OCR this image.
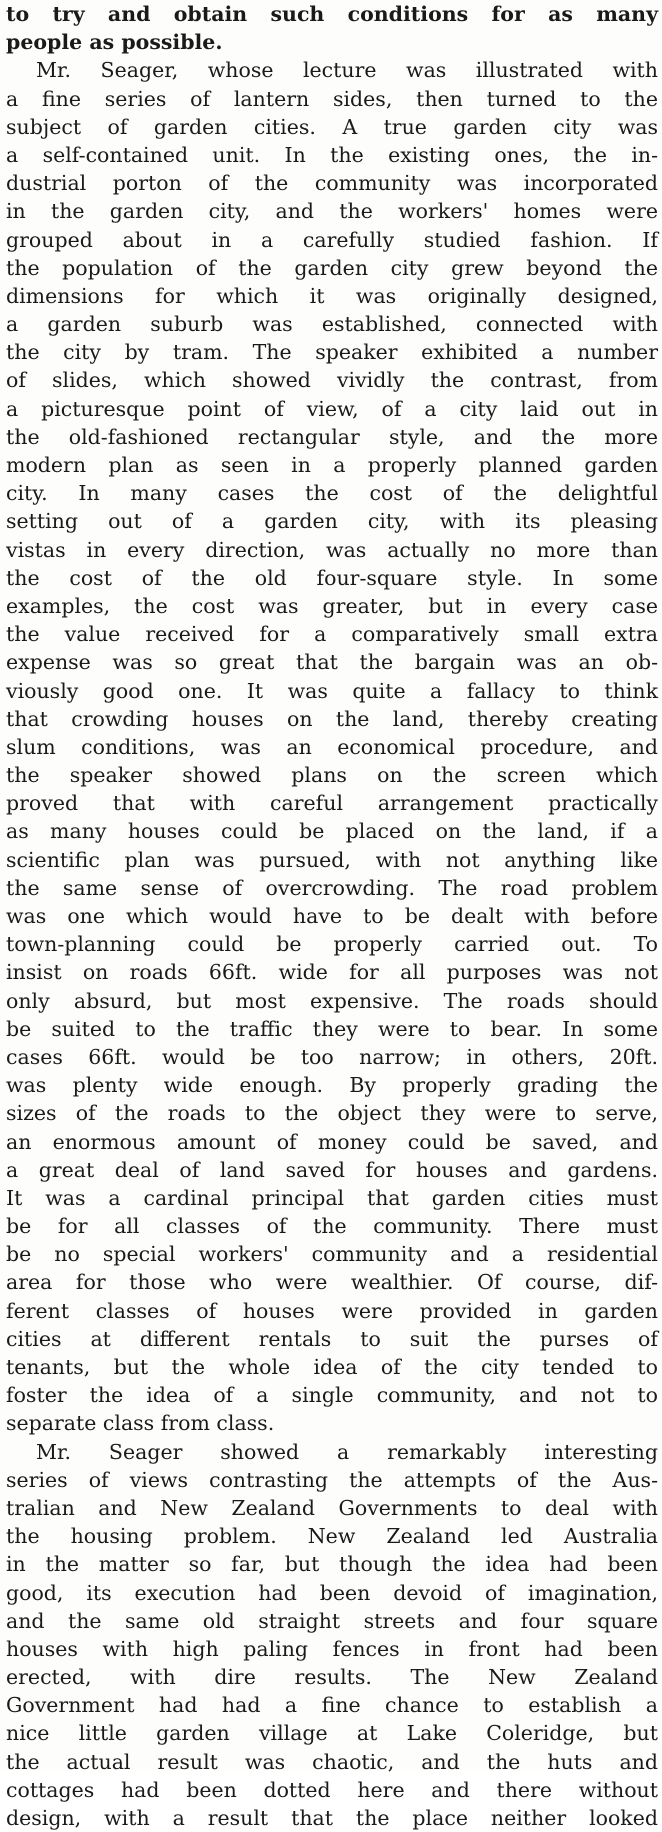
to try and obtain such conditions for as many
people as possible.
Mr. Seager, whose lecture was illustrated with
a fine series of lantern sides, then turned to the
subject of garden cities. A true garden city was
a self-contained unit. In the existing ones, the in-
dustrial porton of the community was incorporated
in the garden city, and the workers' homes were
grouped about in a carefully studied fashion. If
the population of the garden city grew beyond the
dimensions for which it was originally designed,
a garden suburb was established, connected with
the city by tram. The speaker exhibited a number
of slides, which showed vividly the contrast, from
a picturesque point of view, of a city laid out in
the old-fashioned rectangular style, and the more
modern plan as seen in a properly planned garden
city. In many cases the cost of the delightful
setting out of a garden city, with its pleasing
vistas in every direction, was actually no more than
the cost of the old four-square style. In some
examples, the cost was greater, but in every case
the value received for a comparatively small extra
expense was so great that the bargain was an ob-
viously good one. It was quite a fallacy to think
that crowding houses on the land, thereby creating
slum conditions, was an economical procedure, and
the speaker showed plans on the screen which
proved that with careful arrangement practically
as many houses could be placed on the land, if a
scientific plan was pursued, with not anything like
the same sense of overcrowding. The road problem
was one which would have to be dealt with before
town-planning could be properly carried out. To
insist on roads 66ft. wide for all purposes was not
only absurd, but most expensive. The roads should
be suited to the traffic they were to bear. In some
cases 66ft. would be too narrow; in others, 20ft.
was plenty wide enough. By properly grading the
sizes of the roads to the object they were to serve,
an enormous amount of money could be saved, and
a great deal of land saved for houses and gardens.
It was a cardinal principal that garden cities must
be for all classes of the community. There must
be no special workers' community and a residential
area for those who were wealthier. Of course, dif-
ferent classes of houses were provided in garden
cities at different rentals to suit the purses of
tenants, but the whole idea of the city tended to
foster the idea of a single community, and not to
separate class from class.
Mr. Seager showed a remarkably interesting
series of views contrasting the attempts of the Aus-
tralian and New Zealand Governments to deal with
the housing problem. New Zealand led Australia
in the matter so far, but though the idea had been
good, its execution had been devoid of imagination,
and the same old straight streets and four square
houses with high paling fences in front had been
erected, with dire results. The New Zealand
Government had had a fine chance to establish a
nice little garden village at Lake Coleridge, but
the actual result was chaotic, and the huts and
cottages had been dotted here and there without
design, with a result that the place neither looked
